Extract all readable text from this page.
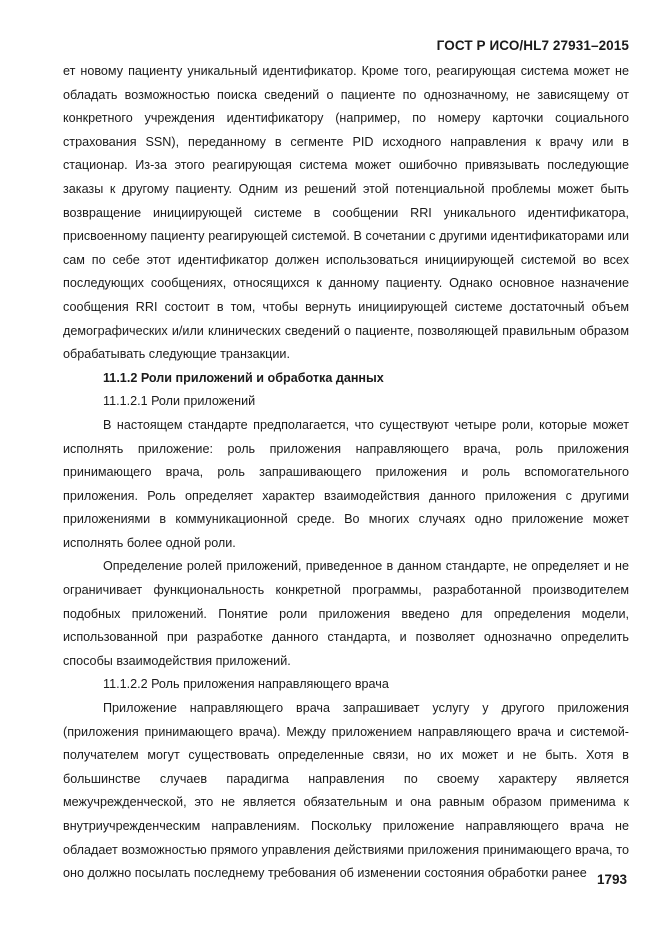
ГОСТ Р ИСО/HL7 27931–2015

ет новому пациенту уникальный идентификатор. Кроме того, реагирующая система может не обладать возможностью поиска сведений о пациенте по однозначному, не зависящему от конкретного учреждения идентификатору (например, по номеру карточки социального страхования SSN), переданному в сегменте PID исходного направления к врачу или в стационар. Из-за этого реагирующая система может ошибочно привязывать последующие заказы к другому пациенту. Одним из решений этой потенциальной проблемы может быть возвращение инициирующей системе в сообщении RRI уникального идентификатора, присвоенному пациенту реагирующей системой. В сочетании с другими идентификаторами или сам по себе этот идентификатор должен использоваться инициирующей системой во всех последующих сообщениях, относящихся к данному пациенту. Однако основное назначение сообщения RRI состоит в том, чтобы вернуть инициирующей системе достаточный объем демографических и/или клинических сведений о пациенте, позволяющей правильным образом обрабатывать следующие транзакции.

11.1.2 Роли приложений и обработка данных

11.1.2.1 Роли приложений

В настоящем стандарте предполагается, что существуют четыре роли, которые может исполнять приложение: роль приложения направляющего врача, роль приложения принимающего врача, роль запрашивающего приложения и роль вспомогательного приложения. Роль определяет характер взаимодействия данного приложения с другими приложениями в коммуникационной среде. Во многих случаях одно приложение может исполнять более одной роли.

Определение ролей приложений, приведенное в данном стандарте, не определяет и не ограничивает функциональность конкретной программы, разработанной производителем подобных приложений. Понятие роли приложения введено для определения модели, использованной при разработке данного стандарта, и позволяет однозначно определить способы взаимодействия приложений.

11.1.2.2 Роль приложения направляющего врача

Приложение направляющего врача запрашивает услугу у другого приложения (приложения принимающего врача). Между приложением направляющего врача и системой-получателем могут существовать определенные связи, но их может и не быть. Хотя в большинстве случаев парадигма направления по своему характеру является межучрежденческой, это не является обязательным и она равным образом применима к внутриучрежденческим направлениям. Поскольку приложение направляющего врача не обладает возможностью прямого управления действиями приложения принимающего врача, то оно должно посылать последнему требования об изменении состояния обработки ранее 1793
